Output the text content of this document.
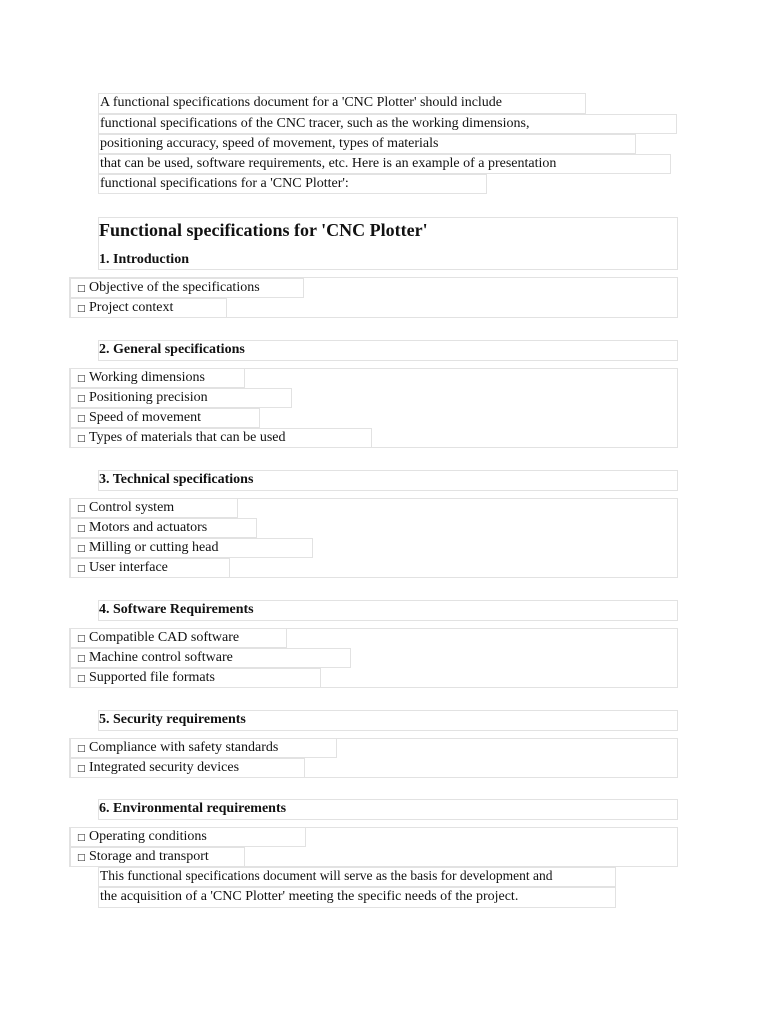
A functional specifications document for a 'CNC Plotter' should include
functional specifications of the CNC tracer, such as the working dimensions,
positioning accuracy, speed of movement, types of materials
that can be used, software requirements, etc. Here is an example of a presentation
functional specifications for a 'CNC Plotter':
Functional specifications for 'CNC Plotter'
1. Introduction
□ Objective of the specifications
□ Project context
2. General specifications
□ Working dimensions
□ Positioning precision
□ Speed of movement
□ Types of materials that can be used
3. Technical specifications
□ Control system
□ Motors and actuators
□ Milling or cutting head
□ User interface
4. Software Requirements
□ Compatible CAD software
□ Machine control software
□ Supported file formats
5. Security requirements
□ Compliance with safety standards
□ Integrated security devices
6. Environmental requirements
□ Operating conditions
□ Storage and transport
This functional specifications document will serve as the basis for development and
the acquisition of a 'CNC Plotter' meeting the specific needs of the project.
